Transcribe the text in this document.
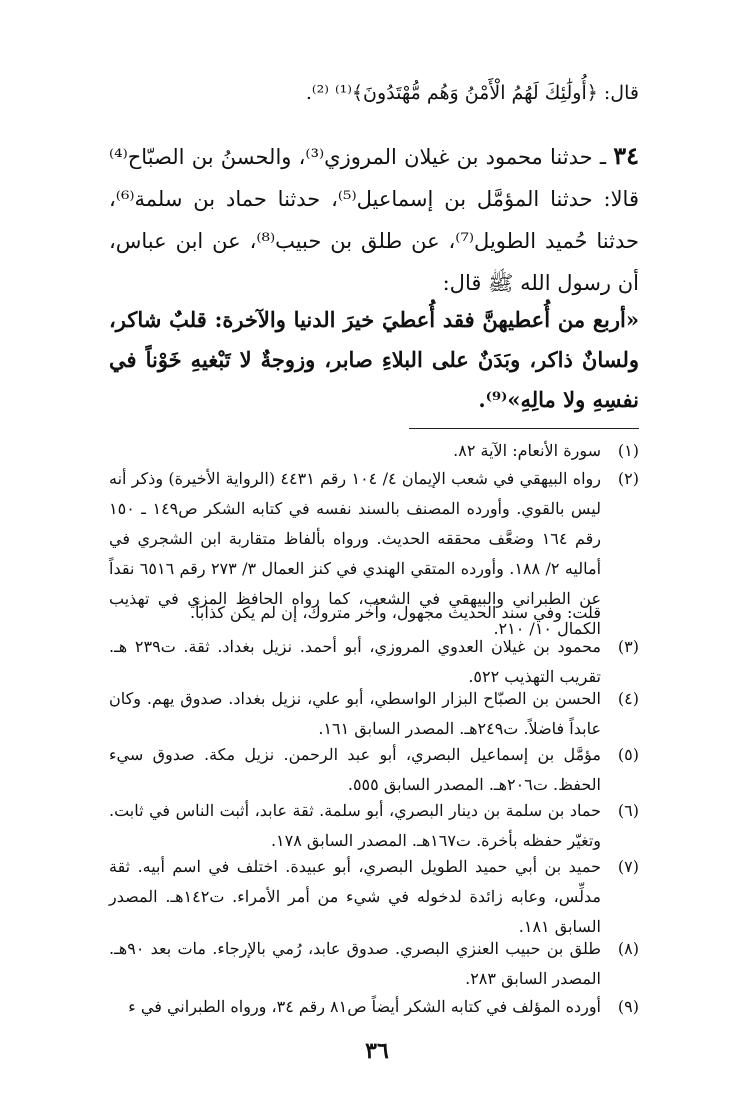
قال: ﴿أُولَٰئِكَ لَهُمُ الْأَمْنُ وَهُم مُّهْتَدُونَ﴾⁽¹⁾ ⁽²⁾.
٣٤ ـ حدثنا محمود بن غيلان المروزي⁽³⁾، والحسنُ بن الصبّاح⁽⁴⁾ قالا: حدثنا المؤمَّل بن إسماعيل⁽⁵⁾، حدثنا حماد بن سلمة⁽⁶⁾، حدثنا حُميد الطويل⁽⁷⁾، عن طلق بن حبيب⁽⁸⁾، عن ابن عباس، أن رسول الله ﷺ قال:
«أربع من أُعطيهنَّ فقد أُعطيَ خيرَ الدنيا والآخرة: قلبٌ شاكر، ولسانٌ ذاكر، وبَدَنٌ على البلاءِ صابر، وزوجةٌ لا تَبْغيهِ خَوْناً في نفسِهِ ولا مالِهِ»⁽⁹⁾.
(١)
سورة الأنعام: الآية ٨٢.
(٢)
رواه البيهقي في شعب الإيمان ٤/ ١٠٤ رقم ٤٤٣١ (الرواية الأخيرة) وذكر أنه ليس بالقوي. وأورده المصنف بالسند نفسه في كتابه الشكر ص١٤٩ ـ ١٥٠ رقم ١٦٤ وضعَّف محققه الحديث. ورواه بألفاظ متقاربة ابن الشجري في أماليه ٢/ ١٨٨. وأورده المتقي الهندي في كنز العمال ٣/ ٢٧٣ رقم ٦٥١٦ نقداً عن الطبراني والبيهقي في الشعب، كما رواه الحافظ المزي في تهذيب الكمال ١٠/ ٢١٠.
قلت: وفي سند الحديث مجهول، وآخر متروك، إن لم يكن كذاباً.
(٣)
محمود بن غيلان العدوي المروزي، أبو أحمد. نزيل بغداد. ثقة. ت٢٣٩ هـ. تقريب التهذيب ٥٢٢.
(٤)
الحسن بن الصبّاح البزار الواسطي، أبو علي، نزيل بغداد. صدوق يهم. وكان عابداً فاضلاً. ت٢٤٩هـ. المصدر السابق ١٦١.
(٥)
مؤمَّل بن إسماعيل البصري، أبو عبد الرحمن. نزيل مكة. صدوق سيء الحفظ. ت٢٠٦هـ. المصدر السابق ٥٥٥.
(٦)
حماد بن سلمة بن دينار البصري، أبو سلمة. ثقة عابد، أثبت الناس في ثابت. وتغيّر حفظه بأخرة. ت١٦٧هـ. المصدر السابق ١٧٨.
(٧)
حميد بن أبي حميد الطويل البصري، أبو عبيدة. اختلف في اسم أبيه. ثقة مدلِّس، وعابه زائدة لدخوله في شيء من أمر الأمراء. ت١٤٢هـ. المصدر السابق ١٨١.
(٨)
طلق بن حبيب العنزي البصري. صدوق عابد، رُمي بالإرجاء. مات بعد ٩٠هـ. المصدر السابق ٢٨٣.
(٩)
أورده المؤلف في كتابه الشكر أيضاً ص٨١ رقم ٣٤، ورواه الطبراني في ء
٣٦
